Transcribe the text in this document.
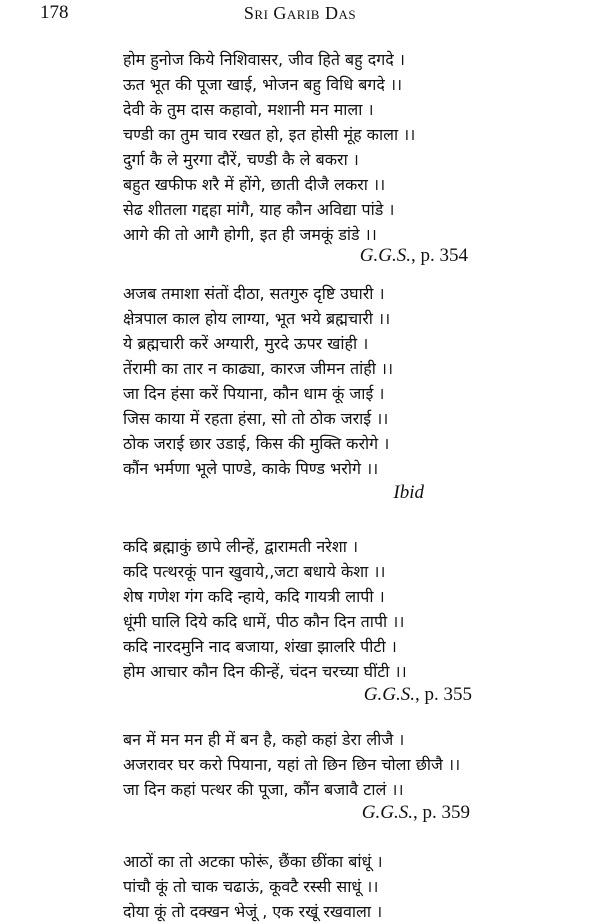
178	Sri Garib Das
होम हुनोज किये निशिवासर, जीव हिते बहु दगदे ।
ऊत भूत की पूजा खाई, भोजन बहु विधि बगदे ।।
देवी के तुम दास कहावो, मशानी मन माला ।
चण्डी का तुम चाव रखत हो, इत होसी मूंह काला ।।
दुर्गा कै ले मुरगा दौरें, चण्डी कै ले बकरा ।
बहुत खफीफ शरै में होंगे, छाती दीजै लकरा ।।
सेढ शीतला गद्दहा मांगै, याह कौन अविद्या पांडे ।
आगे की तो आगै होगी, इत ही जमकूं डांडे ।।
G.G.S., p. 354
अजब तमाशा संतों दीठा, सतगुरु दृष्टि उघारी ।
क्षेत्रपाल काल होय लाग्या, भूत भये ब्रह्मचारी ।।
ये ब्रह्मचारी करें अग्यारी, मुरदे ऊपर खांही ।
तेंरामी का तार न काढ्या, कारज जीमन तांही ।।
जा दिन हंसा करें पियाना, कौन धाम कूं जाई ।
जिस काया में रहता हंसा, सो तो ठोक जराई ।।
ठोक जराई छार उडाई, किस की मुक्ति करोगे ।
कौंन भर्मणा भूले पाण्डे, काके पिण्ड भरोगे ।।
Ibid
कदि ब्रह्माकुं छापे लीन्हें, द्वारामती नरेशा ।
कदि पत्थरकूं पान खुवाये,,जटा बधाये केशा ।।
शेष गणेश गंग कदि न्हाये, कदि गायत्री लापी ।
धूंमी घालि दिये कदि धामें, पीठ कौन दिन तापी ।।
कदि नारदमुनि नाद बजाया, शंखा झालरि पीटी ।
होम आचार कौन दिन कीन्हें, चंदन चरच्या घींटी ।।
G.G.S., p. 355
बन में मन मन ही में बन है, कहो कहां डेरा लीजै ।
अजरावर घर करो पियाना, यहां तो छिन छिन चोला छीजै ।।
जा दिन कहां पत्थर की पूजा, कौंन बजावै टालं ।।
G.G.S., p. 359
आठों का तो अटका फोरूं, छैंका छींका बांधूं ।
पांचौ कूं तो चाक चढाऊं, कूवटै रस्सी साधूं ।।
दोया कूं तो दक्खन भेजूं , एक रखूं रखवाला ।
